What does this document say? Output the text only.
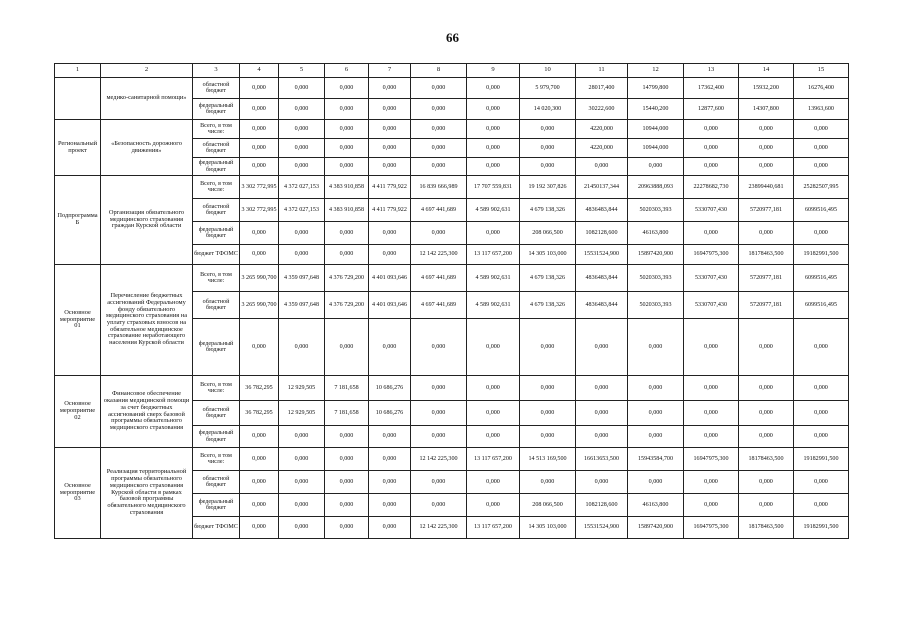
66
1	2	3	4	5	6	7	8	9	10	11	12	13	14	15
	медико-санитарной помощи»	областной бюджет	0,000	0,000	0,000	0,000	0,000	0,000	5 979,700	28017,400	14799,800	17362,400	15932,200	16276,400
		федеральный бюджет	0,000	0,000	0,000	0,000	0,000	0,000	14 020,300	30222,600	15440,200	12877,600	14307,800	13963,600
Региональный проект	«Безопасность дорожного движения»	Всего, в том числе:	0,000	0,000	0,000	0,000	0,000	0,000	0,000	4220,000	10944,000	0,000	0,000	0,000
		областной бюджет	0,000	0,000	0,000	0,000	0,000	0,000	0,000	4220,000	10944,000	0,000	0,000	0,000
		федеральный бюджет	0,000	0,000	0,000	0,000	0,000	0,000	0,000	0,000	0,000	0,000	0,000	0,000
Подпрограмма Б	Организация обязательного медицинского страхования граждан Курской области	Всего, в том числе:	3 302 772,995	4 372 027,153	4 383 910,858	4 411 779,922	16 839 666,989	17 707 559,831	19 192 307,826	21450137,344	20963888,093	22278682,730	23899440,681	25282507,995
		областной бюджет	3 302 772,995	4 372 027,153	4 383 910,858	4 411 779,922	4 697 441,689	4 589 902,631	4 679 138,326	4836483,844	5020303,393	5330707,430	5720977,181	6099516,495
		федеральный бюджет	0,000	0,000	0,000	0,000	0,000	0,000	208 066,500	1082128,600	46163,800	0,000	0,000	0,000
		бюджет ТФОМС	0,000	0,000	0,000	0,000	12 142 225,300	13 117 657,200	14 305 103,000	15531524,900	15897420,900	16947975,300	18178463,500	19182991,500
Основное мероприятие 01	Перечисление бюджетных ассигнований Федеральному фонду обязательного медицинского страхования на уплату страховых взносов на обязательное медицинское страхование неработающего населения Курской области	Всего, в том числе:	3 265 990,700	4 359 097,648	4 376 729,200	4 401 093,646	4 697 441,689	4 589 902,631	4 679 138,326	4836483,844	5020303,393	5330707,430	5720977,181	6099516,495
		областной бюджет	3 265 990,700	4 359 097,648	4 376 729,200	4 401 093,646	4 697 441,689	4 589 902,631	4 679 138,326	4836483,844	5020303,393	5330707,430	5720977,181	6099516,495
		федеральный бюджет	0,000	0,000	0,000	0,000	0,000	0,000	0,000	0,000	0,000	0,000	0,000	0,000
Основное мероприятие 02	Финансовое обеспечение оказания медицинской помощи за счет бюджетных ассигнований сверх базовой программы обязательного медицинского страхования	Всего, в том числе:	36 782,295	12 929,505	7 181,658	10 686,276	0,000	0,000	0,000	0,000	0,000	0,000	0,000	0,000
		областной бюджет	36 782,295	12 929,505	7 181,658	10 686,276	0,000	0,000	0,000	0,000	0,000	0,000	0,000	0,000
		федеральный бюджет	0,000	0,000	0,000	0,000	0,000	0,000	0,000	0,000	0,000	0,000	0,000	0,000
Основное мероприятие 03	Реализация территориальной программы обязательного медицинского страхования Курской области в рамках базовой программы обязательного медицинского страхования	Всего, в том числе:	0,000	0,000	0,000	0,000	12 142 225,300	13 117 657,200	14 513 169,500	16613653,500	15943584,700	16947975,300	18178463,500	19182991,500
		областной бюджет	0,000	0,000	0,000	0,000	0,000	0,000	0,000	0,000	0,000	0,000	0,000	0,000
		федеральный бюджет	0,000	0,000	0,000	0,000	0,000	0,000	208 066,500	1082128,600	46163,800	0,000	0,000	0,000
		бюджет ТФОМС	0,000	0,000	0,000	0,000	12 142 225,300	13 117 657,200	14 305 103,000	15531524,900	15897420,900	16947975,300	18178463,500	19182991,500
